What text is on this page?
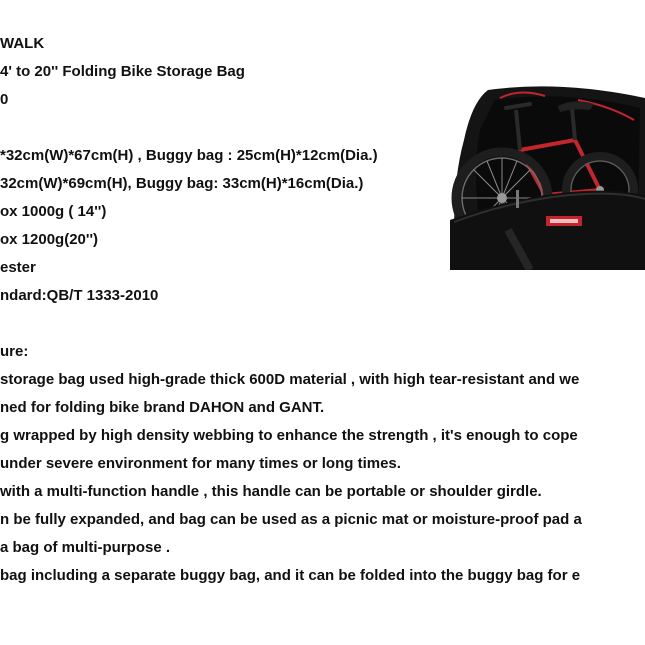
WALK
4' to 20'' Folding Bike Storage Bag
0
*32cm(W)*67cm(H) , Buggy bag : 25cm(H)*12cm(Dia.)
32cm(W)*69cm(H), Buggy bag: 33cm(H)*16cm(Dia.)
ox 1000g ( 14'')
ox 1200g(20'')
ester
ndard:QB/T 1333-2010
ure:
storage bag used high-grade thick 600D material , with high tear-resistant and we
ned for folding bike brand DAHON and GANT.
g wrapped by high density webbing to enhance the strength , it's enough to cope
under severe environment for many times or long times.
with a multi-function handle , this handle can be portable or shoulder girdle.
n be fully expanded, and bag can be used as a picnic mat or moisture-proof pad a
a bag of multi-purpose .
bag including a separate buggy bag, and it can be folded into the buggy bag for e
